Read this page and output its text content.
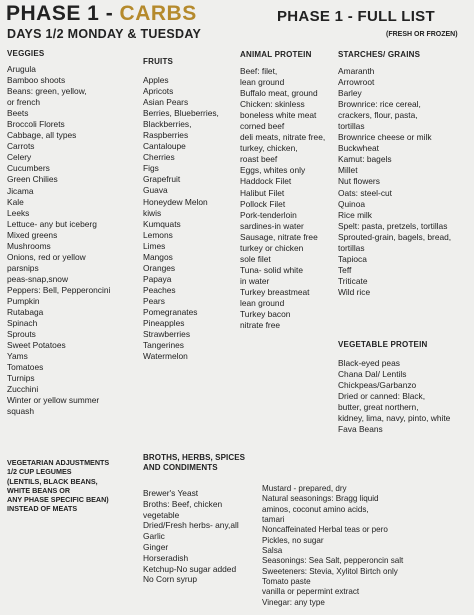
PHASE 1 - CARBS
DAYS 1/2 MONDAY & TUESDAY
PHASE 1 - FULL LIST
(FRESH OR FROZEN)
VEGGIES
Arugula
Bamboo shoots
Beans: green, yellow,
or french
Beets
Broccoli Florets
Cabbage, all types
Carrots
Celery
Cucumbers
Green Chilies
Jicama
Kale
Leeks
Lettuce- any but iceberg
Mixed greens
Mushrooms
Onions, red or yellow
parsnips
peas-snap,snow
Peppers: Bell, Pepperoncini
Pumpkin
Rutabaga
Spinach
Sprouts
Sweet Potatoes
Yams
Tomatoes
Turnips
Zucchini
Winter or yellow summer
squash
VEGETARIAN ADJUSTMENTS
1/2 CUP LEGUMES
(LENTILS, BLACK BEANS,
WHITE BEANS OR
ANY PHASE SPECIFIC BEAN)
INSTEAD OF MEATS
FRUITS
Apples
Apricots
Asian Pears
Berries, Blueberries,
Blackberries,
Raspberries
Cantaloupe
Cherries
Figs
Grapefruit
Guava
Honeydew Melon
kiwis
Kumquats
Lemons
Limes
Mangos
Oranges
Papaya
Peaches
Pears
Pomegranates
Pineapples
Strawberries
Tangerines
Watermelon
ANIMAL PROTEIN
Beef: filet,
lean ground
Buffalo meat, ground
Chicken: skinless
boneless white meat
corned beef
deli meats, nitrate free,
turkey, chicken,
roast beef
Eggs, whites only
Haddock Filet
Halibut Filet
Pollock Filet
Pork-tenderloin
sardines-in water
Sausage, nitrate free
turkey or chicken
sole filet
Tuna- solid white
in water
Turkey breastmeat
lean ground
Turkey bacon
nitrate free
STARCHES/ GRAINS
Amaranth
Arrowroot
Barley
Brownrice: rice cereal,
crackers, flour, pasta,
tortillas
Brownrice cheese or milk
Buckwheat
Kamut: bagels
Millet
Nut flowers
Oats: steel-cut
Quinoa
Rice milk
Spelt: pasta, pretzels, tortillas
Sprouted-grain, bagels, bread,
tortillas
Tapioca
Teff
Triticate
Wild rice
VEGETABLE PROTEIN
Black-eyed peas
Chana Dal/ Lentils
Chickpeas/Garbanzo
Dried or canned: Black,
butter, great northern,
kidney, lima, navy, pinto, white
Fava Beans
BROTHS, HERBS, SPICES
AND CONDIMENTS
Brewer's Yeast
Broths: Beef, chicken
vegetable
Dried/Fresh herbs- any,all
Garlic
Ginger
Horseradish
Ketchup-No sugar added
No Corn syrup
Mustard - prepared, dry
Natural seasonings: Bragg liquid
aminos, coconut amino acids,
tamari
Noncaffeinated Herbal teas or pero
Pickles, no sugar
Salsa
Seasonings: Sea Salt, pepperoncin salt
Sweeteners: Stevia, Xylitol Birtch only
Tomato paste
vanilla or pepermint extract
Vinegar: any type
